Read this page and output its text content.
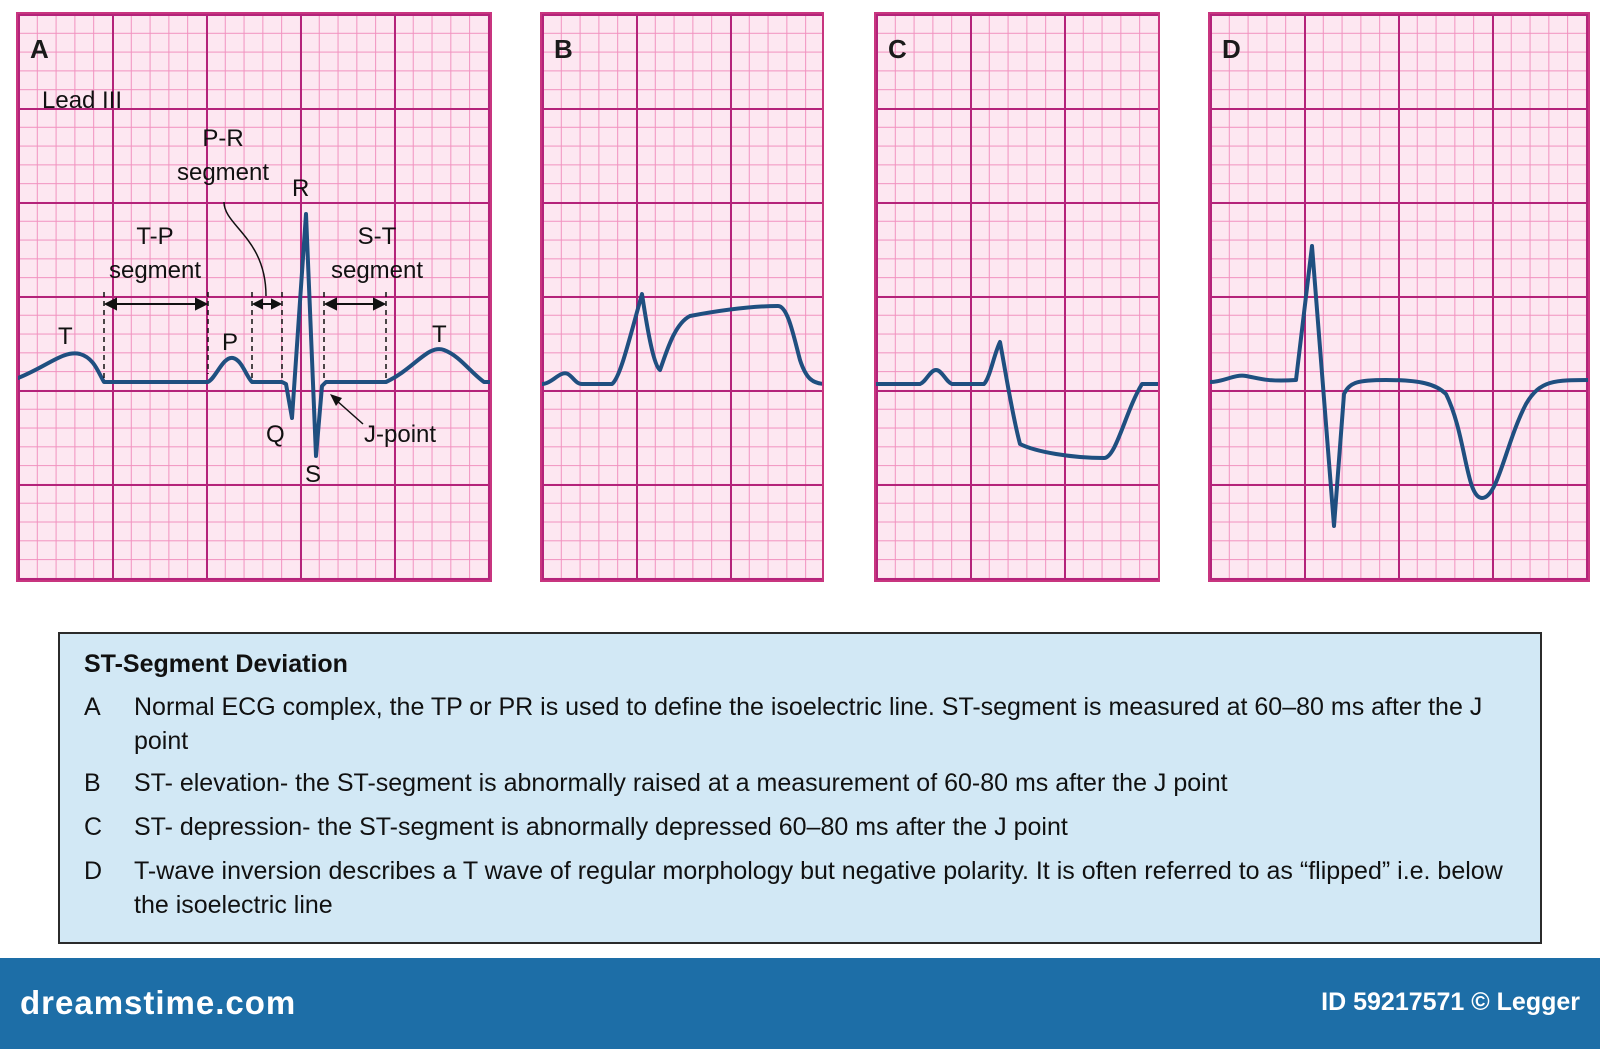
A
Lead III
P-R
segment
T-P
segment
S-T
segment
T	P
R
Q
S
T
J-point
B	C	D
ST-Segment Deviation
A Normal ECG complex, the TP or PR is used to define the isoelectric line. ST-segment is measured at 60–80 ms after the J point
B ST- elevation- the ST-segment is abnormally raised at a measurement of 60-80 ms after the J point
C ST- depression- the ST-segment is abnormally depressed 60–80 ms after the J point
D T-wave inversion describes a T wave of regular morphology but negative polarity. It is often referred to as “flipped” i.e. below the isoelectric line
dreamstime.com	ID 59217571 © Legger
